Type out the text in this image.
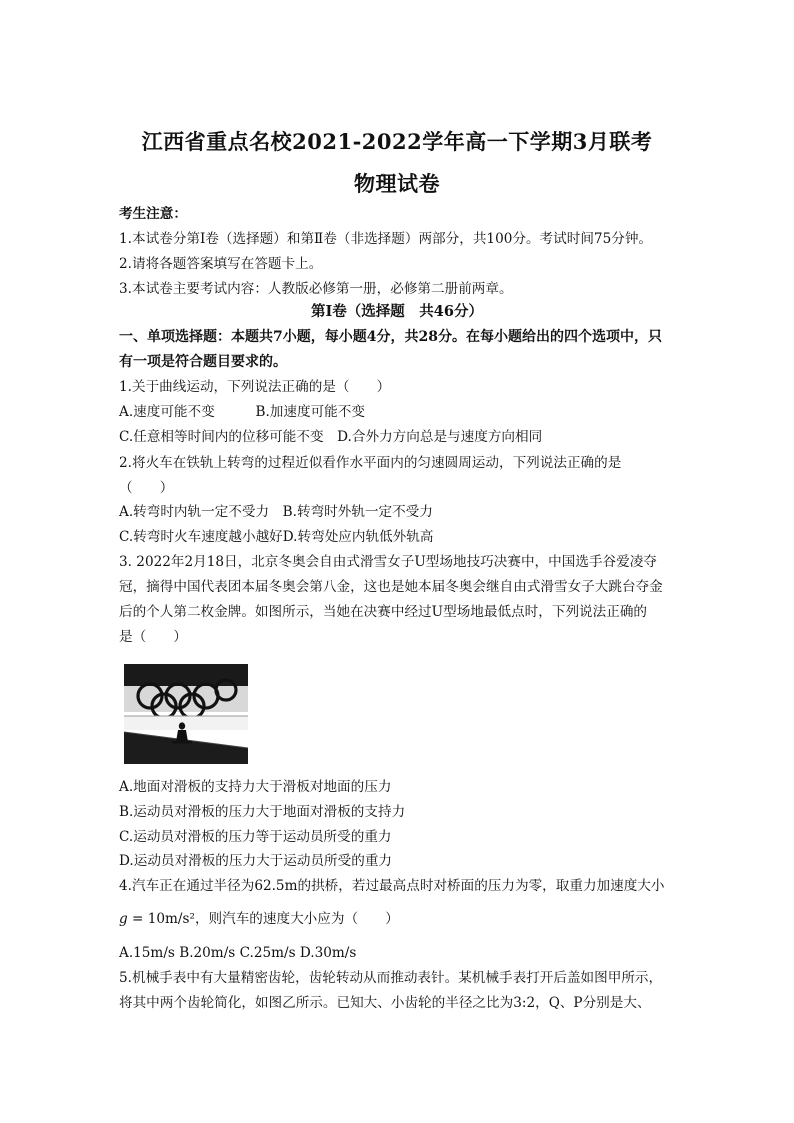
江西省重点名校2021-2022学年高一下学期3月联考
物理试卷
考生注意：
1.本试卷分第Ⅰ卷（选择题）和第Ⅱ卷（非选择题）两部分，共100分。考试时间75分钟。
2.请将各题答案填写在答题卡上。
3.本试卷主要考试内容：人教版必修第一册，必修第二册前两章。
第Ⅰ卷（选择题　共46分）
一、单项选择题：本题共7小题，每小题4分，共28分。在每小题给出的四个选项中，只
有一项是符合题目要求的。
1.关于曲线运动，下列说法正确的是（　　）
A.速度可能不变　　　B.加速度可能不变
C.任意相等时间内的位移可能不变　D.合外力方向总是与速度方向相同
2.将火车在铁轨上转弯的过程近似看作水平面内的匀速圆周运动，下列说法正确的是
（　　）
A.转弯时内轨一定不受力　B.转弯时外轨一定不受力
C.转弯时火车速度越小越好D.转弯处应内轨低外轨高
3. 2022年2月18日，北京冬奥会自由式滑雪女子U型场地技巧决赛中，中国选手谷爱凌夺
冠，摘得中国代表团本届冬奥会第八金，这也是她本届冬奥会继自由式滑雪女子大跳台夺金
后的个人第二枚金牌。如图所示，当她在决赛中经过U型场地最低点时，下列说法正确的
是（　　）
A.地面对滑板的支持力大于滑板对地面的压力
B.运动员对滑板的压力大于地面对滑板的支持力
C.运动员对滑板的压力等于运动员所受的重力
D.运动员对滑板的压力大于运动员所受的重力
4.汽车正在通过半径为62.5m的拱桥，若过最高点时对桥面的压力为零，取重力加速度大小
g = 10m/s²，则汽车的速度大小应为（　　）
A.15m/s B.20m/s C.25m/s D.30m/s
5.机械手表中有大量精密齿轮，齿轮转动从而推动表针。某机械手表打开后盖如图甲所示，
将其中两个齿轮简化，如图乙所示。已知大、小齿轮的半径之比为3:2，Q、P分别是大、
